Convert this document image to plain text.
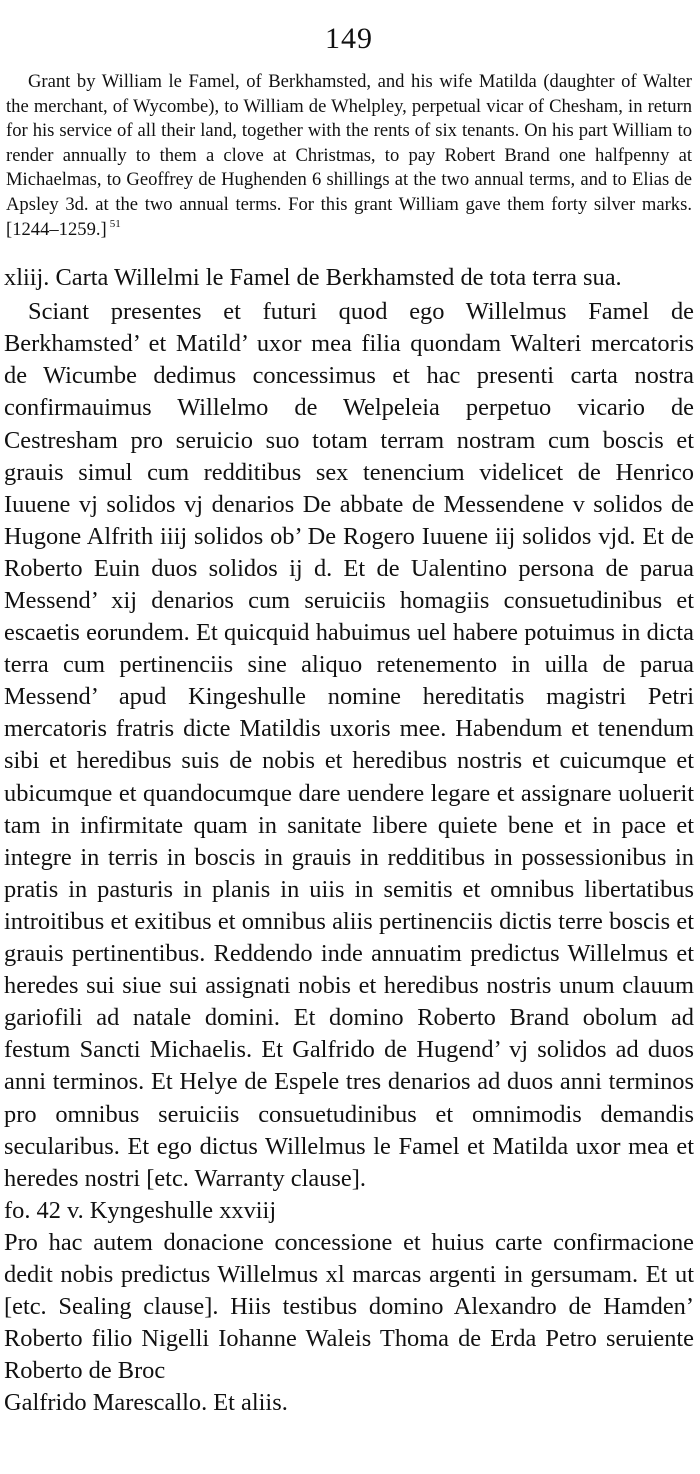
149
Grant by William le Famel, of Berkhamsted, and his wife Matilda (daughter of Walter the merchant, of Wycombe), to William de Whelpley, perpetual vicar of Chesham, in return for his service of all their land, together with the rents of six tenants. On his part William to render annually to them a clove at Christmas, to pay Robert Brand one halfpenny at Michaelmas, to Geoffrey de Hughenden 6 shillings at the two annual terms, and to Elias de Apsley 3d. at the two annual terms. For this grant William gave them forty silver marks. [1244–1259.] $^{51}$
xliij. Carta Willelmi le Famel de Berkhamsted de tota terra sua.

Sciant presentes et futuri quod ego Willelmus Famel de Berkhamsted’ et Matild’ uxor mea filia quondam Walteri mercatoris de Wicumbe dedimus concessimus et hac presenti carta nostra confirmauimus Willelmo de Welpeleia perpetuo vicario de Cestresham pro seruicio suo totam terram nostram cum boscis et grauis simul cum redditibus sex tenencium videlicet de Henrico Iuuene vj solidos vj denarios De abbate de Messendene v solidos de Hugone Alfrith iiij solidos ob’ De Rogero Iuuene iij solidos vjd. Et de Roberto Euin duos solidos ij d. Et de Ualentino persona de parua Messend’ xij denarios cum seruiciis homagiis consuetudinibus et escaetis eorundem. Et quicquid habuimus uel habere potuimus in dicta terra cum pertinenciis sine aliquo retenemento in uilla de parua Messend’ apud Kingeshulle nomine hereditatis magistri Petri mercatoris fratris dicte Matildis uxoris mee. Habendum et tenendum sibi et heredibus suis de nobis et heredibus nostris et cuicumque et ubicumque et quandocumque dare uendere legare et assignare uoluerit tam in infirmitate quam in sanitate libere quiete bene et in pace et integre in terris in boscis in grauis in redditibus in possessionibus in pratis in pasturis in planis in uiis in semitis et omnibus libertatibus introitibus et exitibus et omnibus aliis pertinenciis dictis terre boscis et grauis pertinentibus. Reddendo inde annuatim predictus Willelmus et heredes sui siue sui assignati nobis et heredibus nostris unum clauum gariofili ad natale domini. Et domino Roberto Brand obolum ad festum Sancti Michaelis. Et Galfrido de Hugend’ vj solidos ad duos anni terminos. Et Helye de Espele tres denarios ad duos anni terminos pro omnibus seruiciis consuetudinibus et omnimodis demandis secularibus. Et ego dictus Willelmus le Famel et Matilda uxor mea et heredes nostri [etc. Warranty clause].

fo. 42 v. Kyngeshulle xxviij

Pro hac autem donacione concessione et huius carte confirmacione dedit nobis predictus Willelmus xl marcas argenti in gersumam. Et ut [etc. Sealing clause]. Hiis testibus domino Alexandro de Hamden’ Roberto filio Nigelli Iohanne Waleis Thoma de Erda Petro seruiente Roberto de Broc

Galfrido Marescallo. Et aliis.
